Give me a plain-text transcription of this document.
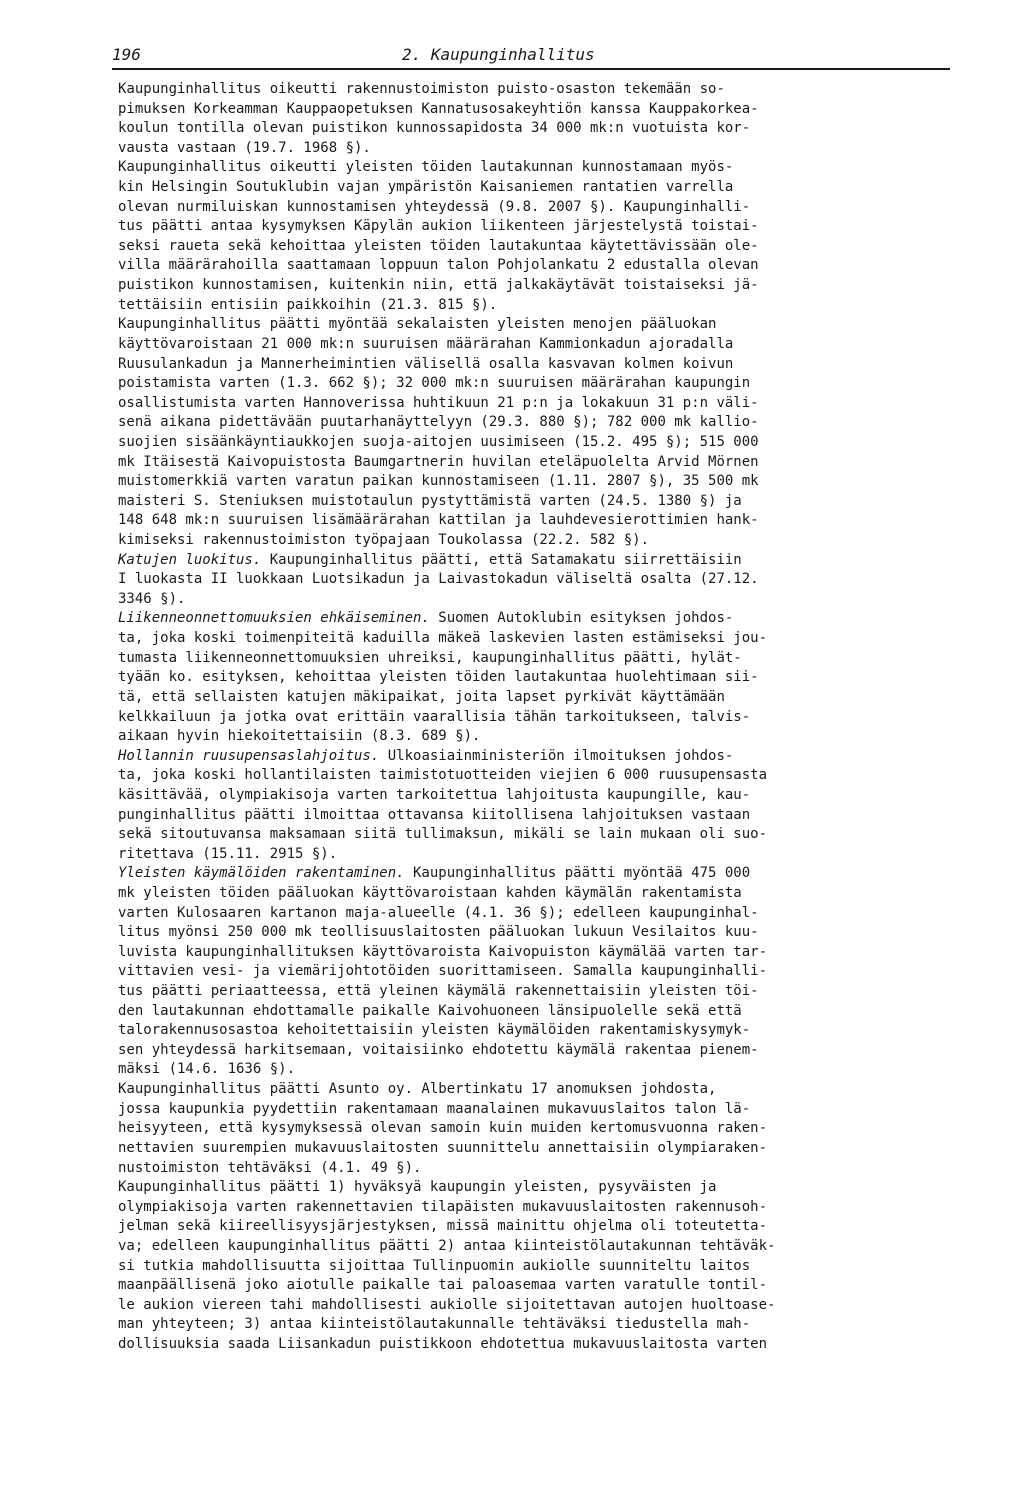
196	2. Kaupunginhallitus
Kaupunginhallitus oikeutti rakennustoimiston puisto-osaston tekemään so-
pimuksen Korkeamman Kauppaopetuksen Kannatusosakeyhtiön kanssa Kauppakorkea-
koulun tontilla olevan puistikon kunnossapidosta 34 000 mk:n vuotuista kor-
vausta vastaan (19.7. 1968 §).
Kaupunginhallitus oikeutti yleisten töiden lautakunnan kunnostamaan myös-
kin Helsingin Soutuklubin vajan ympäristön Kaisaniemen rantatien varrella
olevan nurmiluiskan kunnostamisen yhteydessä (9.8. 2007 §). Kaupunginhalli-
tus päätti antaa kysymyksen Käpylän aukion liikenteen järjestelystä toistai-
seksi raueta sekä kehoittaa yleisten töiden lautakuntaa käytettävissään ole-
villa määrärahoilla saattamaan loppuun talon Pohjolankatu 2 edustalla olevan
puistikon kunnostamisen, kuitenkin niin, että jalkakäytävät toistaiseksi jä-
tettäisiin entisiin paikkoihin (21.3. 815 §).
Kaupunginhallitus päätti myöntää sekalaisten yleisten menojen pääluokan
käyttövaroistaan 21 000 mk:n suuruisen määrärahan Kammionkadun ajoradalla
Ruusulankadun ja Mannerheimintien välisellä osalla kasvavan kolmen koivun
poistamista varten (1.3. 662 §); 32 000 mk:n suuruisen määrärahan kaupungin
osallistumista varten Hannoverissa huhtikuun 21 p:n ja lokakuun 31 p:n väli-
senä aikana pidettävään puutarhanäyttelyyn (29.3. 880 §); 782 000 mk kallio-
suojien sisäänkäyntiaukkojen suoja-aitojen uusimiseen (15.2. 495 §); 515 000
mk Itäisestä Kaivopuistosta Baumgartnerin huvilan eteläpuolelta Arvid Mörnen
muistomerkkiä varten varatun paikan kunnostamiseen (1.11. 2807 §), 35 500 mk
maisteri S. Steniuksen muistotaulun pystyttämistä varten (24.5. 1380 §) ja
148 648 mk:n suuruisen lisämäärärahan kattilan ja lauhdevesierottimien hank-
kimiseksi rakennustoimiston työpajaan Toukolassa (22.2. 582 §).
Katujen luokitus. Kaupunginhallitus päätti, että Satamakatu siirrettäisiin
I luokasta II luokkaan Luotsikadun ja Laivastokadun väliseltä osalta (27.12.
3346 §).
Liikenneonnettomuuksien ehkäiseminen. Suomen Autoklubin esityksen johdos-
ta, joka koski toimenpiteitä kaduilla mäkeä laskevien lasten estämiseksi jou-
tumasta liikenneonnettomuuksien uhreiksi, kaupunginhallitus päätti, hylät-
tyään ko. esityksen, kehoittaa yleisten töiden lautakuntaa huolehtimaan sii-
tä, että sellaisten katujen mäkipaikat, joita lapset pyrkivät käyttämään
kelkkailuun ja jotka ovat erittäin vaarallisia tähän tarkoitukseen, talvis-
aikaan hyvin hiekoitettaisiin (8.3. 689 §).
Hollannin ruusupensaslahjoitus. Ulkoasiainministeriön ilmoituksen johdos-
ta, joka koski hollantilaisten taimistotuotteiden viejien 6 000 ruusupensasta
käsittävää, olympiakisoja varten tarkoitettua lahjoitusta kaupungille, kau-
punginhallitus päätti ilmoittaa ottavansa kiitollisena lahjoituksen vastaan
sekä sitoutuvansa maksamaan siitä tullimaksun, mikäli se lain mukaan oli suo-
ritettava (15.11. 2915 §).
Yleisten käymälöiden rakentaminen. Kaupunginhallitus päätti myöntää 475 000
mk yleisten töiden pääluokan käyttövaroistaan kahden käymälän rakentamista
varten Kulosaaren kartanon maja-alueelle (4.1. 36 §); edelleen kaupunginhal-
litus myönsi 250 000 mk teollisuuslaitosten pääluokan lukuun Vesilaitos kuu-
luvista kaupunginhallituksen käyttövaroista Kaivopuiston käymälää varten tar-
vittavien vesi- ja viemärijohtotöiden suorittamiseen. Samalla kaupunginhalli-
tus päätti periaatteessa, että yleinen käymälä rakennettaisiin yleisten töi-
den lautakunnan ehdottamalle paikalle Kaivohuoneen länsipuolelle sekä että
talorakennusosastoa kehoitettaisiin yleisten käymälöiden rakentamiskysymyk-
sen yhteydessä harkitsemaan, voitaisiinko ehdotettu käymälä rakentaa pienem-
mäksi (14.6. 1636 §).
Kaupunginhallitus päätti Asunto oy. Albertinkatu 17 anomuksen johdosta,
jossa kaupunkia pyydettiin rakentamaan maanalainen mukavuuslaitos talon lä-
heisyyteen, että kysymyksessä olevan samoin kuin muiden kertomusvuonna raken-
nettavien suurempien mukavuuslaitosten suunnittelu annettaisiin olympiaraken-
nustoimiston tehtäväksi (4.1. 49 §).
Kaupunginhallitus päätti 1) hyväksyä kaupungin yleisten, pysyväisten ja
olympiakisoja varten rakennettavien tilapäisten mukavuuslaitosten rakennusoh-
jelman sekä kiireellisyysjärjestyksen, missä mainittu ohjelma oli toteutetta-
va; edelleen kaupunginhallitus päätti 2) antaa kiinteistölautakunnan tehtäväk-
si tutkia mahdollisuutta sijoittaa Tullinpuomin aukiolle suunniteltu laitos
maanpäällisenä joko aiotulle paikalle tai paloasemaa varten varatulle tontil-
le aukion viereen tahi mahdollisesti aukiolle sijoitettavan autojen huoltoase-
man yhteyteen; 3) antaa kiinteistölautakunnalle tehtäväksi tiedustella mah-
dollisuuksia saada Liisankadun puistikkoon ehdotettua mukavuuslaitosta varten
